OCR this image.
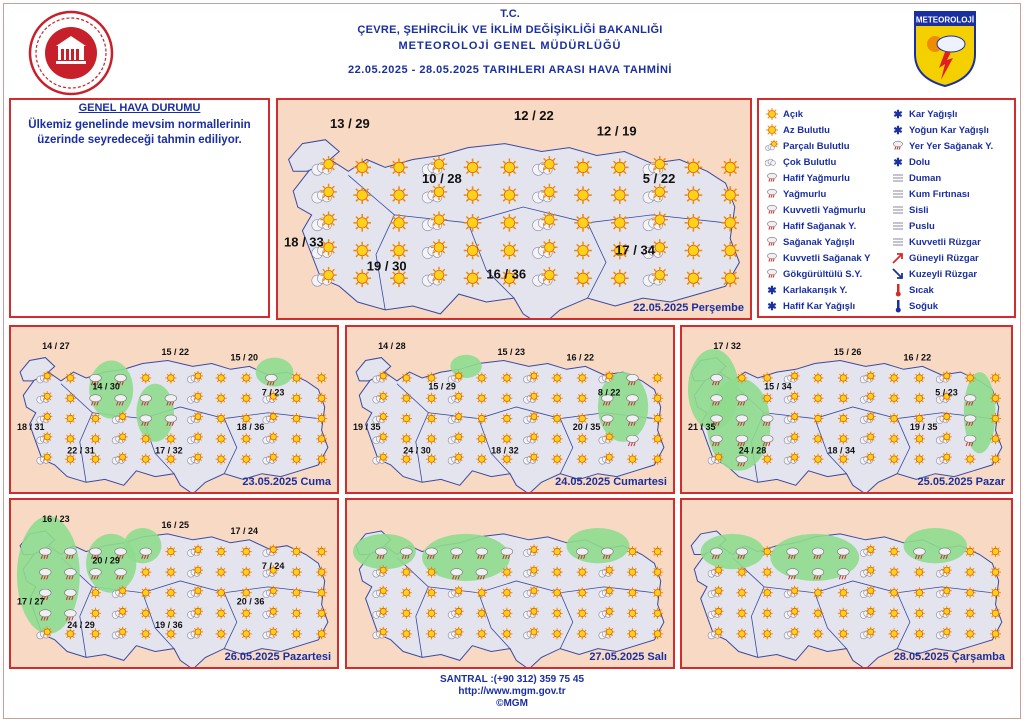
T.C.
ÇEVRE, ŞEHİRCİLİK VE İKLİM DEĞİŞİKLİĞİ BAKANLIĞI
METEOROLOJİ GENEL MÜDÜRLÜĞÜ
22.05.2025 - 28.05.2025 TARIHLERI ARASI HAVA TAHMİNİ
METEOROLOJİ
GENEL HAVA DURUMU
Ülkemiz genelinde mevsim normallerinin üzerinde seyredeceği tahmin ediliyor.
13 / 29
12 / 22
12 / 19
10 / 28	5 / 22
18 / 33
17 / 34
19 / 30
16 / 36
22.05.2025 Perşembe
Açık
Az Bulutlu
Parçalı Bulutlu
Çok Bulutlu
Hafif Yağmurlu
Yağmurlu
Kuvvetli Yağmurlu
Hafif Sağanak Y.
Sağanak Yağışlı
Kuvvetli Sağanak Y
Gökgürültülü S.Y.
✱ Karlakarışık Y.
✱ Hafif Kar Yağışlı
✱ Kar Yağışlı
✱ Yoğun Kar Yağışlı
Yer Yer Sağanak Y.
✱ Dolu
Duman
Kum Fırtınası
Sisli
Puslu
Kuvvetli Rüzgar
Güneyli Rüzgar
Kuzeyli Rüzgar
Sıcak
Soğuk
14 / 27
15 / 22
15 / 20
14 / 30
7 / 23
18 / 31	18 / 36
22 / 31	17 / 32
23.05.2025 Cuma
14 / 28
15 / 23
16 / 22
15 / 29
8 / 22
19 / 35	20 / 35
24 / 30	18 / 32
24.05.2025 Cumartesi
17 / 32
15 / 26
16 / 22
15 / 34
5 / 23
21 / 35	19 / 35
24 / 28	18 / 34
25.05.2025 Pazar
16 / 23
16 / 25
17 / 24
20 / 29
7 / 24
17 / 27	20 / 36
24 / 29	19 / 36
26.05.2025 Pazartesi	27.05.2025 Salı	28.05.2025 Çarşamba
SANTRAL :(+90 312) 359 75 45
http://www.mgm.gov.tr
©MGM
